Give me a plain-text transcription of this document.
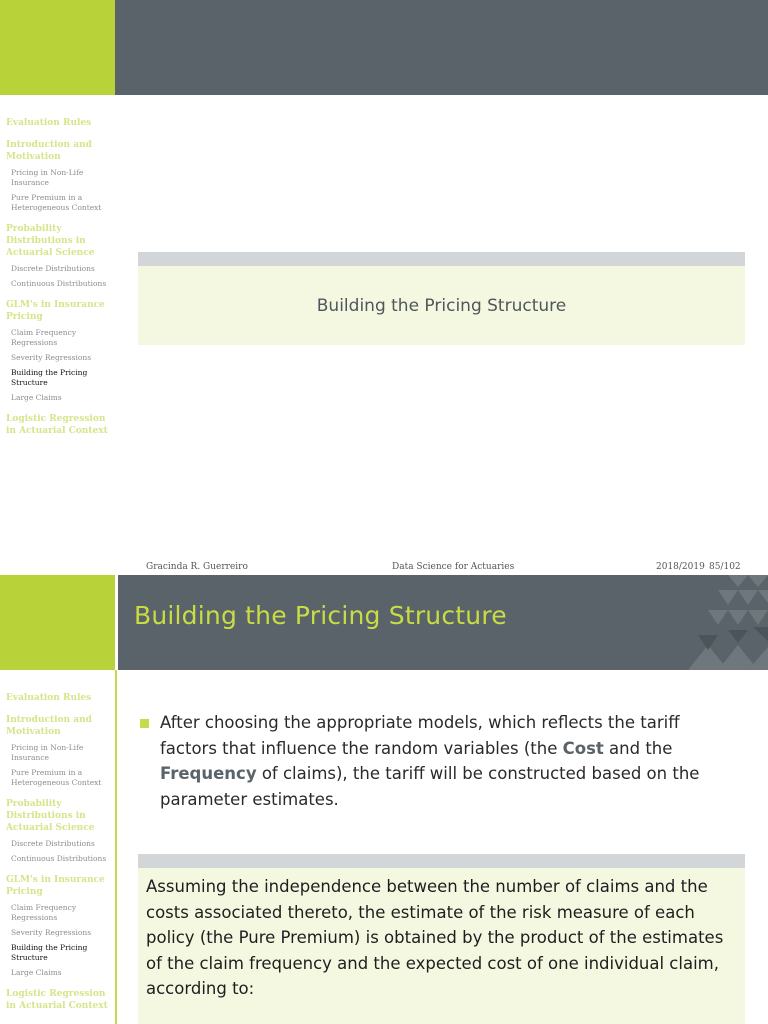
Evaluation Rules
Introduction and Motivation
Pricing in Non-Life Insurance
Pure Premium in a Heterogeneous Context
Probability Distributions in Actuarial Science
Discrete Distributions
Continuous Distributions
GLM's in Insurance Pricing
Claim Frequency Regressions
Severity Regressions
Building the Pricing Structure
Large Claims
Logistic Regression in Actuarial Context
Building the Pricing Structure
Gracinda R. Guerreiro	Data Science for Actuaries	2018/2019 85/102
Building the Pricing Structure
Evaluation Rules
Introduction and Motivation
Pricing in Non-Life Insurance
Pure Premium in a Heterogeneous Context
Probability Distributions in Actuarial Science
Discrete Distributions
Continuous Distributions
GLM's in Insurance Pricing
Claim Frequency Regressions
Severity Regressions
Building the Pricing Structure
Large Claims
Logistic Regression in Actuarial Context
After choosing the appropriate models, which reflects the tariff factors that influence the random variables (the Cost and the Frequency of claims), the tariff will be constructed based on the parameter estimates.
Assuming the independence between the number of claims and the costs associated thereto, the estimate of the risk measure of each policy (the Pure Premium) is obtained by the product of the estimates of the claim frequency and the expected cost of one individual claim, according to:
